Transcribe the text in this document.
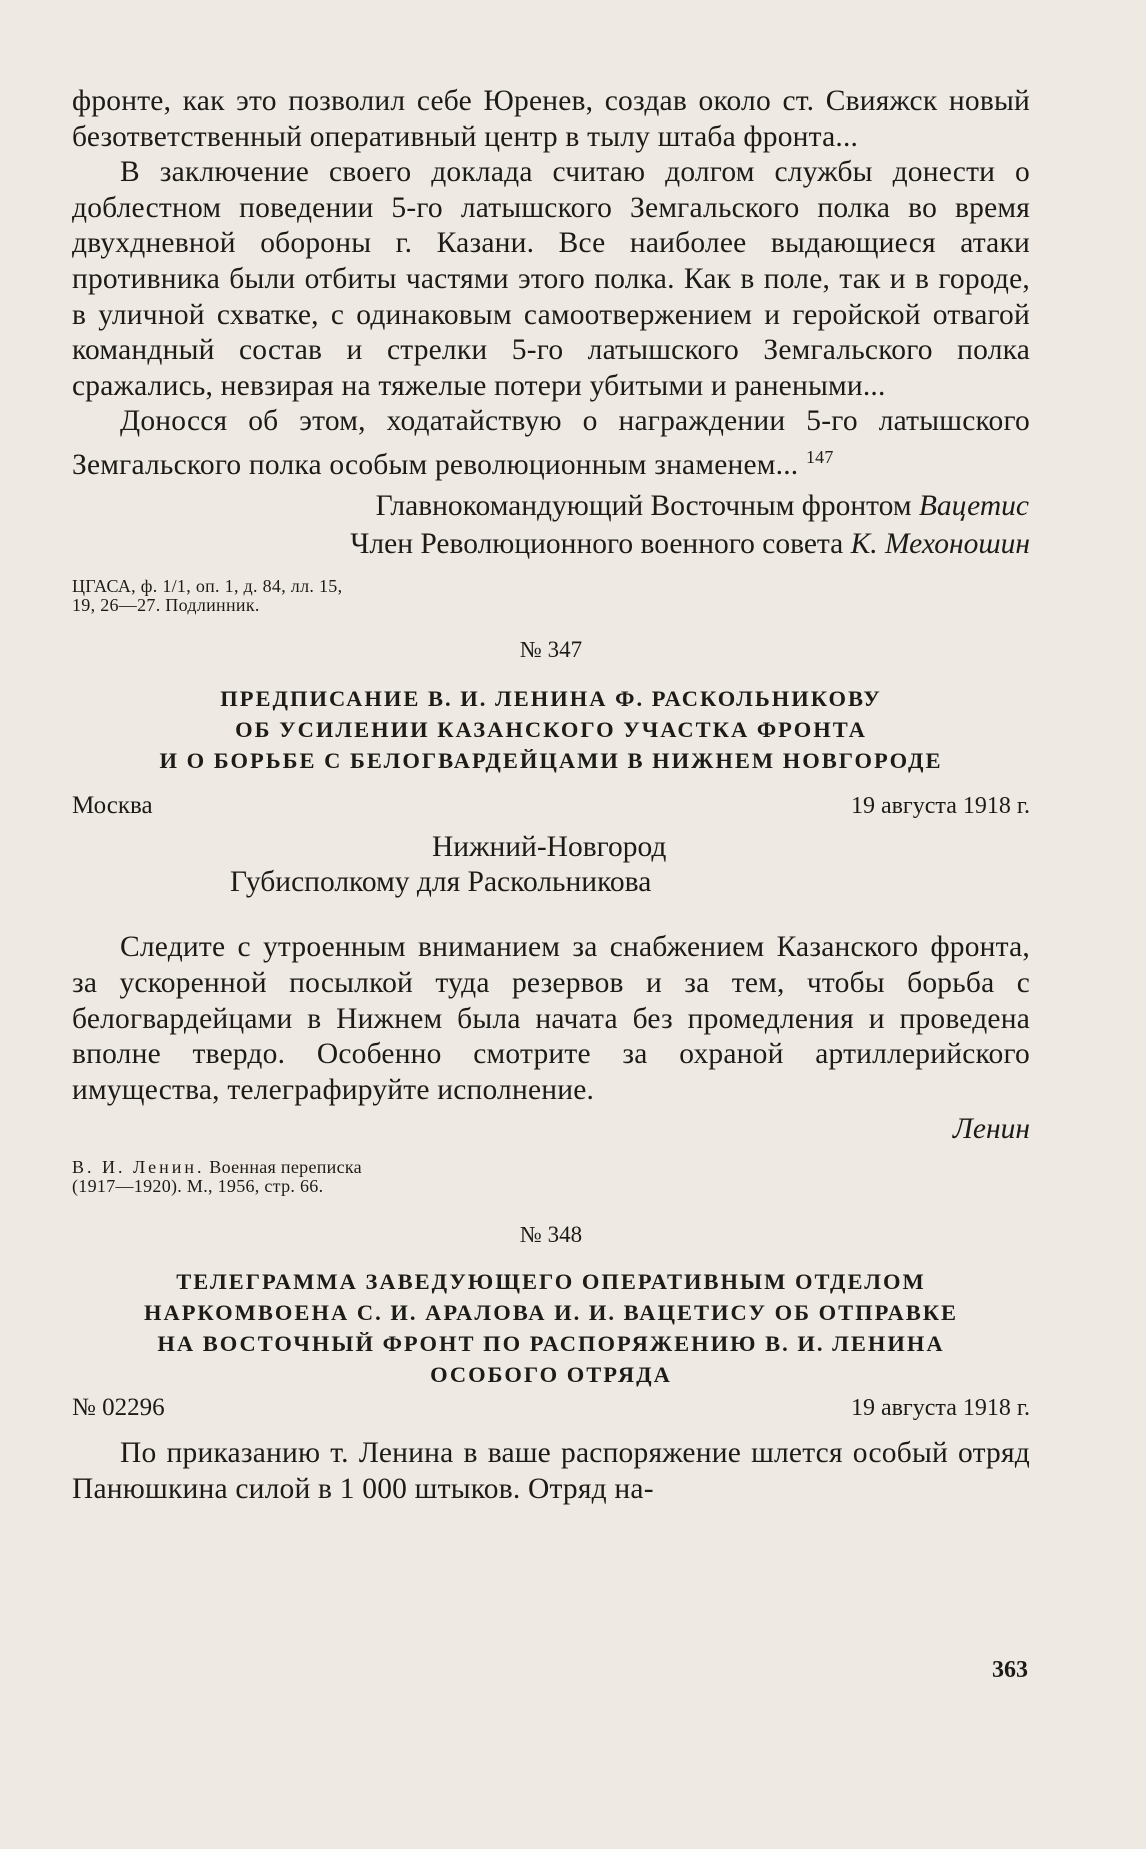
фронте, как это позволил себе Юренев, создав около ст. Свияжск новый безответственный оперативный центр в тылу штаба фронта...

В заключение своего доклада считаю долгом службы донести о доблестном поведении 5-го латышского Земгальского полка во время двухдневной обороны г. Казани. Все наиболее выдающиеся атаки противника были отбиты частями этого полка. Как в поле, так и в городе, в уличной схватке, с одинаковым самоотвержением и геройской отвагой командный состав и стрелки 5-го латышского Земгальского полка сражались, невзирая на тяжелые потери убитыми и ранеными...

Доносся об этом, ходатайствую о награждении 5-го латышского Земгальского полка особым революционным знаменем... $^{147}$

Главнокомандующий Восточным фронтом Вацетис

Член Революционного военного совета К. Мехоношин

ЦГАСА, ф. 1/1, оп. 1, д. 84, лл. 15,
19, 26—27. Подлинник.

№ 347

ПРЕДПИСАНИЕ В. И. ЛЕНИНА Ф. РАСКОЛЬНИКОВУ
ОБ УСИЛЕНИИ КАЗАНСКОГО УЧАСТКА ФРОНТА
И О БОРЬБЕ С БЕЛОГВАРДЕЙЦАМИ В НИЖНЕМ НОВГОРОДЕ
Москва	19 августа 1918 г.

Нижний-Новгород

Губисполкому для Раскольникова

Следите с утроенным вниманием за снабжением Казанского фронта, за ускоренной посылкой туда резервов и за тем, чтобы борьба с белогвардейцами в Нижнем была начата без промедления и проведена вполне твердо. Особенно смотрите за охраной артиллерийского имущества, телеграфируйте исполнение.

Ленин

В. И. Ленин. Военная переписка
(1917—1920). М., 1956, стр. 66.

№ 348

ТЕЛЕГРАММА ЗАВЕДУЮЩЕГО ОПЕРАТИВНЫМ ОТДЕЛОМ
НАРКОМВОЕНА С. И. АРАЛОВА И. И. ВАЦЕТИСУ ОБ ОТПРАВКЕ
НА ВОСТОЧНЫЙ ФРОНТ ПО РАСПОРЯЖЕНИЮ В. И. ЛЕНИНА
ОСОБОГО ОТРЯДА
№ 02296	19 августа 1918 г.

По приказанию т. Ленина в ваше распоряжение шлется особый отряд Панюшкина силой в 1 000 штыков. Отряд на-

363
